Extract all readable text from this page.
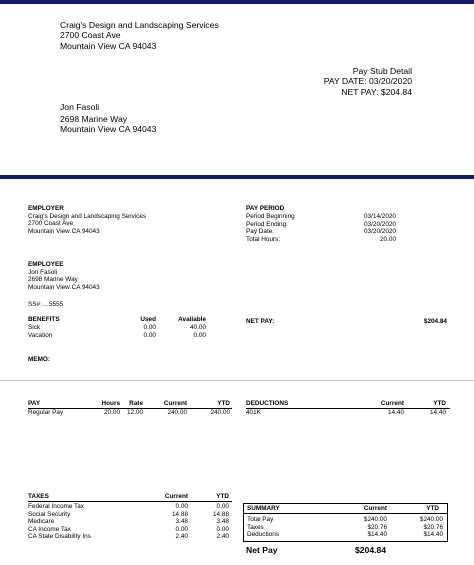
Craig's Design and Landscaping Services
2700 Coast Ave
Mountain View CA 94043
Pay Stub Detail
PAY DATE: 03/20/2020
NET PAY: $204.84
Jon Fasoli
2698 Marine Way
Mountain View CA 94043
EMPLOYER
Craig's Design and Landscaping Services
2700 Coast Ave
Mountain View CA 94043
PAY PERIOD
Period Beginning	03/14/2020
Period Ending:	03/20/2020
Pay Date:	03/20/2020
Total Hours:	20.00
EMPLOYEE
Jon Fasoli
2698 Marine Way
Mountain View CA 94043
SS#: ...5555
BENEFITS	Used	Available
Sick	0.00	40.00
Vacation	0.00	0.00
NET PAY:	$204.84
MEMO:
PAY	Hours Rate	Current	YTD
Regular Pay	20.00 12.00	240.00	240.00
DEDUCTIONS	Current	YTD
401K	14.40	14.40
TAXES	Current	YTD
Federal Income Tax	0.00	0.00
Social Security	14.88	14.88
Medicare	3.48	3.48
CA Income Tax	0.00	0.00
CA State Disability Ins	2.40	2.40
SUMMARY	Current	YTD
Total Pay	$240.00	$240.00
Taxes	$20.76	$20.76
Deductions	$14.40	$14.40
Net Pay	$204.84
